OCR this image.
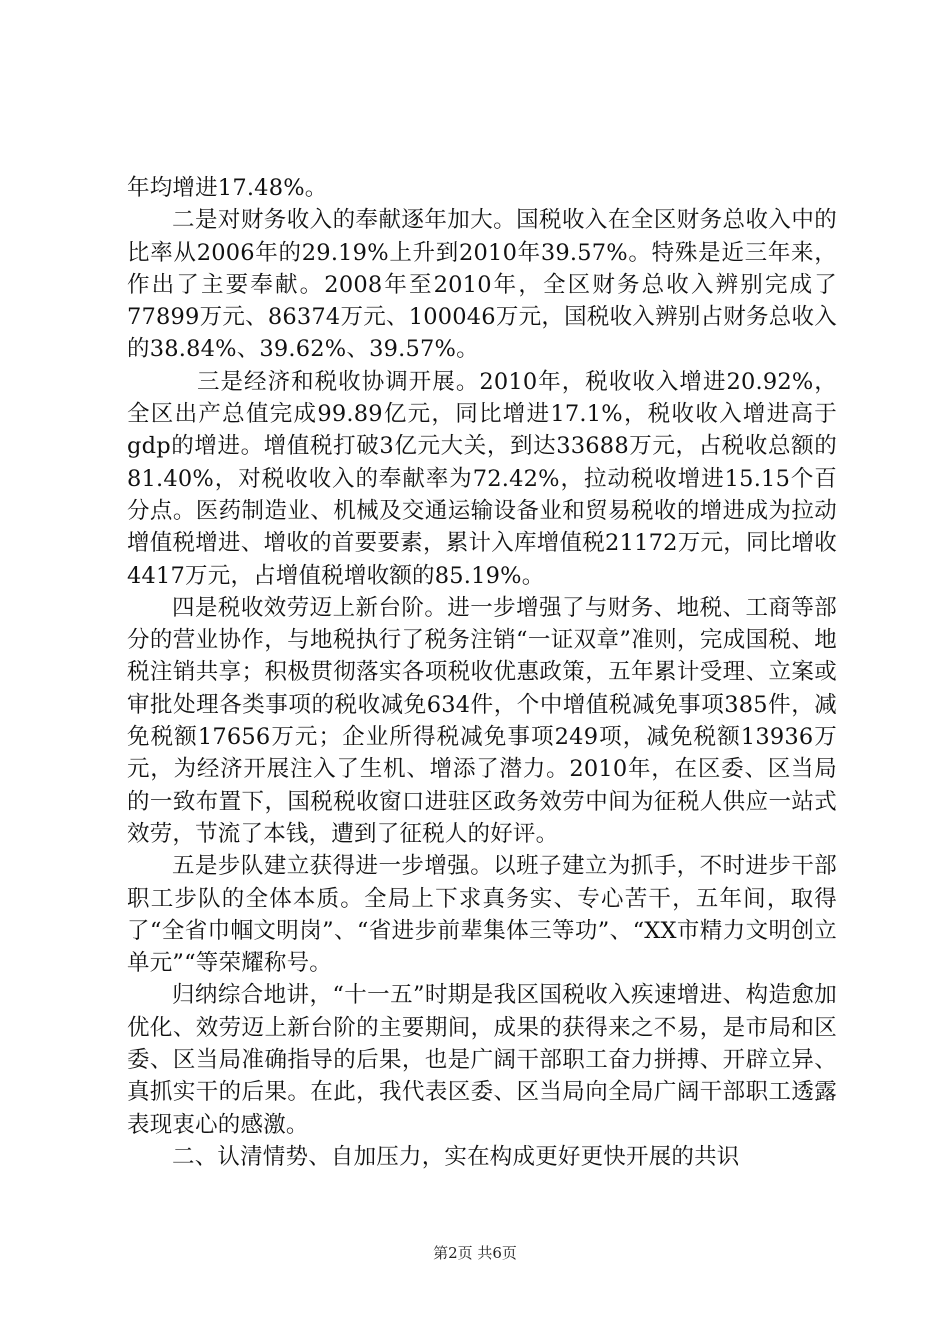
年均增进17.48%。

二是对财务收入的奉献逐年加大。国税收入在全区财务总收入中的比率从2006年的29.19%上升到2010年39.57%。特殊是近三年来，作出了主要奉献。2008年至2010年，全区财务总收入辨别完成了77899万元、86374万元、100046万元，国税收入辨别占财务总收入的38.84%、39.62%、39.57%。

三是经济和税收协调开展。2010年，税收收入增进20.92%，全区出产总值完成99.89亿元，同比增进17.1%，税收收入增进高于gdp的增进。增值税打破3亿元大关，到达33688万元，占税收总额的81.40%，对税收收入的奉献率为72.42%，拉动税收增进15.15个百分点。医药制造业、机械及交通运输设备业和贸易税收的增进成为拉动增值税增进、增收的首要要素，累计入库增值税21172万元，同比增收4417万元，占增值税增收额的85.19%。

四是税收效劳迈上新台阶。进一步增强了与财务、地税、工商等部分的营业协作，与地税执行了税务注销“一证双章”准则，完成国税、地税注销共享；积极贯彻落实各项税收优惠政策，五年累计受理、立案或审批处理各类事项的税收减免634件，个中增值税减免事项385件，减免税额17656万元；企业所得税减免事项249项，减免税额13936万元，为经济开展注入了生机、增添了潜力。2010年，在区委、区当局的一致布置下，国税税收窗口进驻区政务效劳中间为征税人供应一站式效劳，节流了本钱，遭到了征税人的好评。

五是步队建立获得进一步增强。以班子建立为抓手，不时进步干部职工步队的全体本质。全局上下求真务实、专心苦干，五年间，取得了“全省巾帼文明岗”、“省进步前辈集体三等功”、“XX市精力文明创立单元”“等荣耀称号。

归纳综合地讲，“十一五”时期是我区国税收入疾速增进、构造愈加优化、效劳迈上新台阶的主要期间，成果的获得来之不易，是市局和区委、区当局准确指导的后果，也是广阔干部职工奋力拼搏、开辟立异、真抓实干的后果。在此，我代表区委、区当局向全局广阔干部职工透露表现衷心的感激。

二、认清情势、自加压力，实在构成更好更快开展的共识

第2页 共6页
